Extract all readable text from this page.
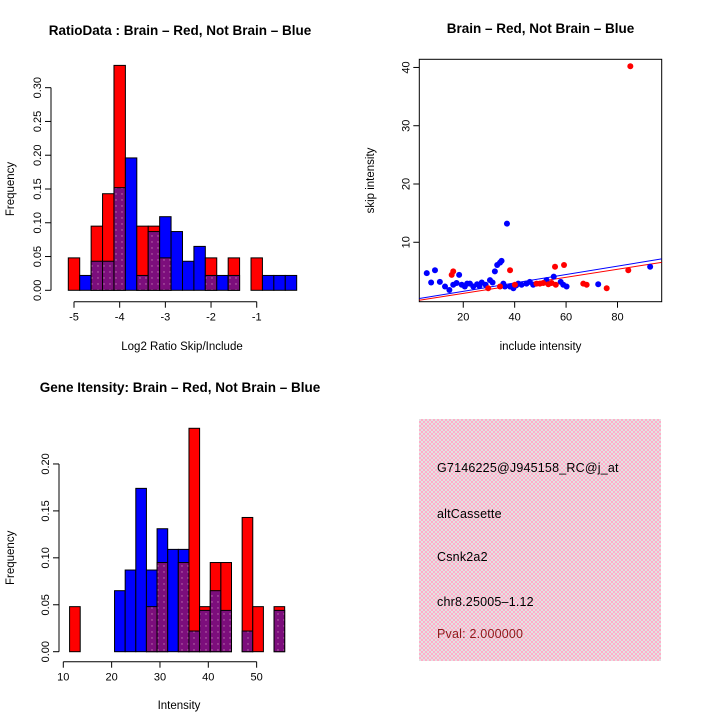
RatioData : Brain – Red, Not Brain – Blue
0.00
0.05
0.10
0.15
0.20
0.25
0.30
Frequency
-5	-4	-3	-2	-1
Log2 Ratio Skip/Include
Brain – Red, Not Brain – Blue
20	40	60	80
10
20
30
40
include intensity
skip intensity
Gene Itensity: Brain – Red, Not Brain – Blue
0.00
0.05
0.10
0.15
0.20
Frequency
10	20	30	40	50
Intensity
G7146225@J945158_RC@j_at
altCassette
Csnk2a2
chr8.25005–1.12
Pval: 2.000000
